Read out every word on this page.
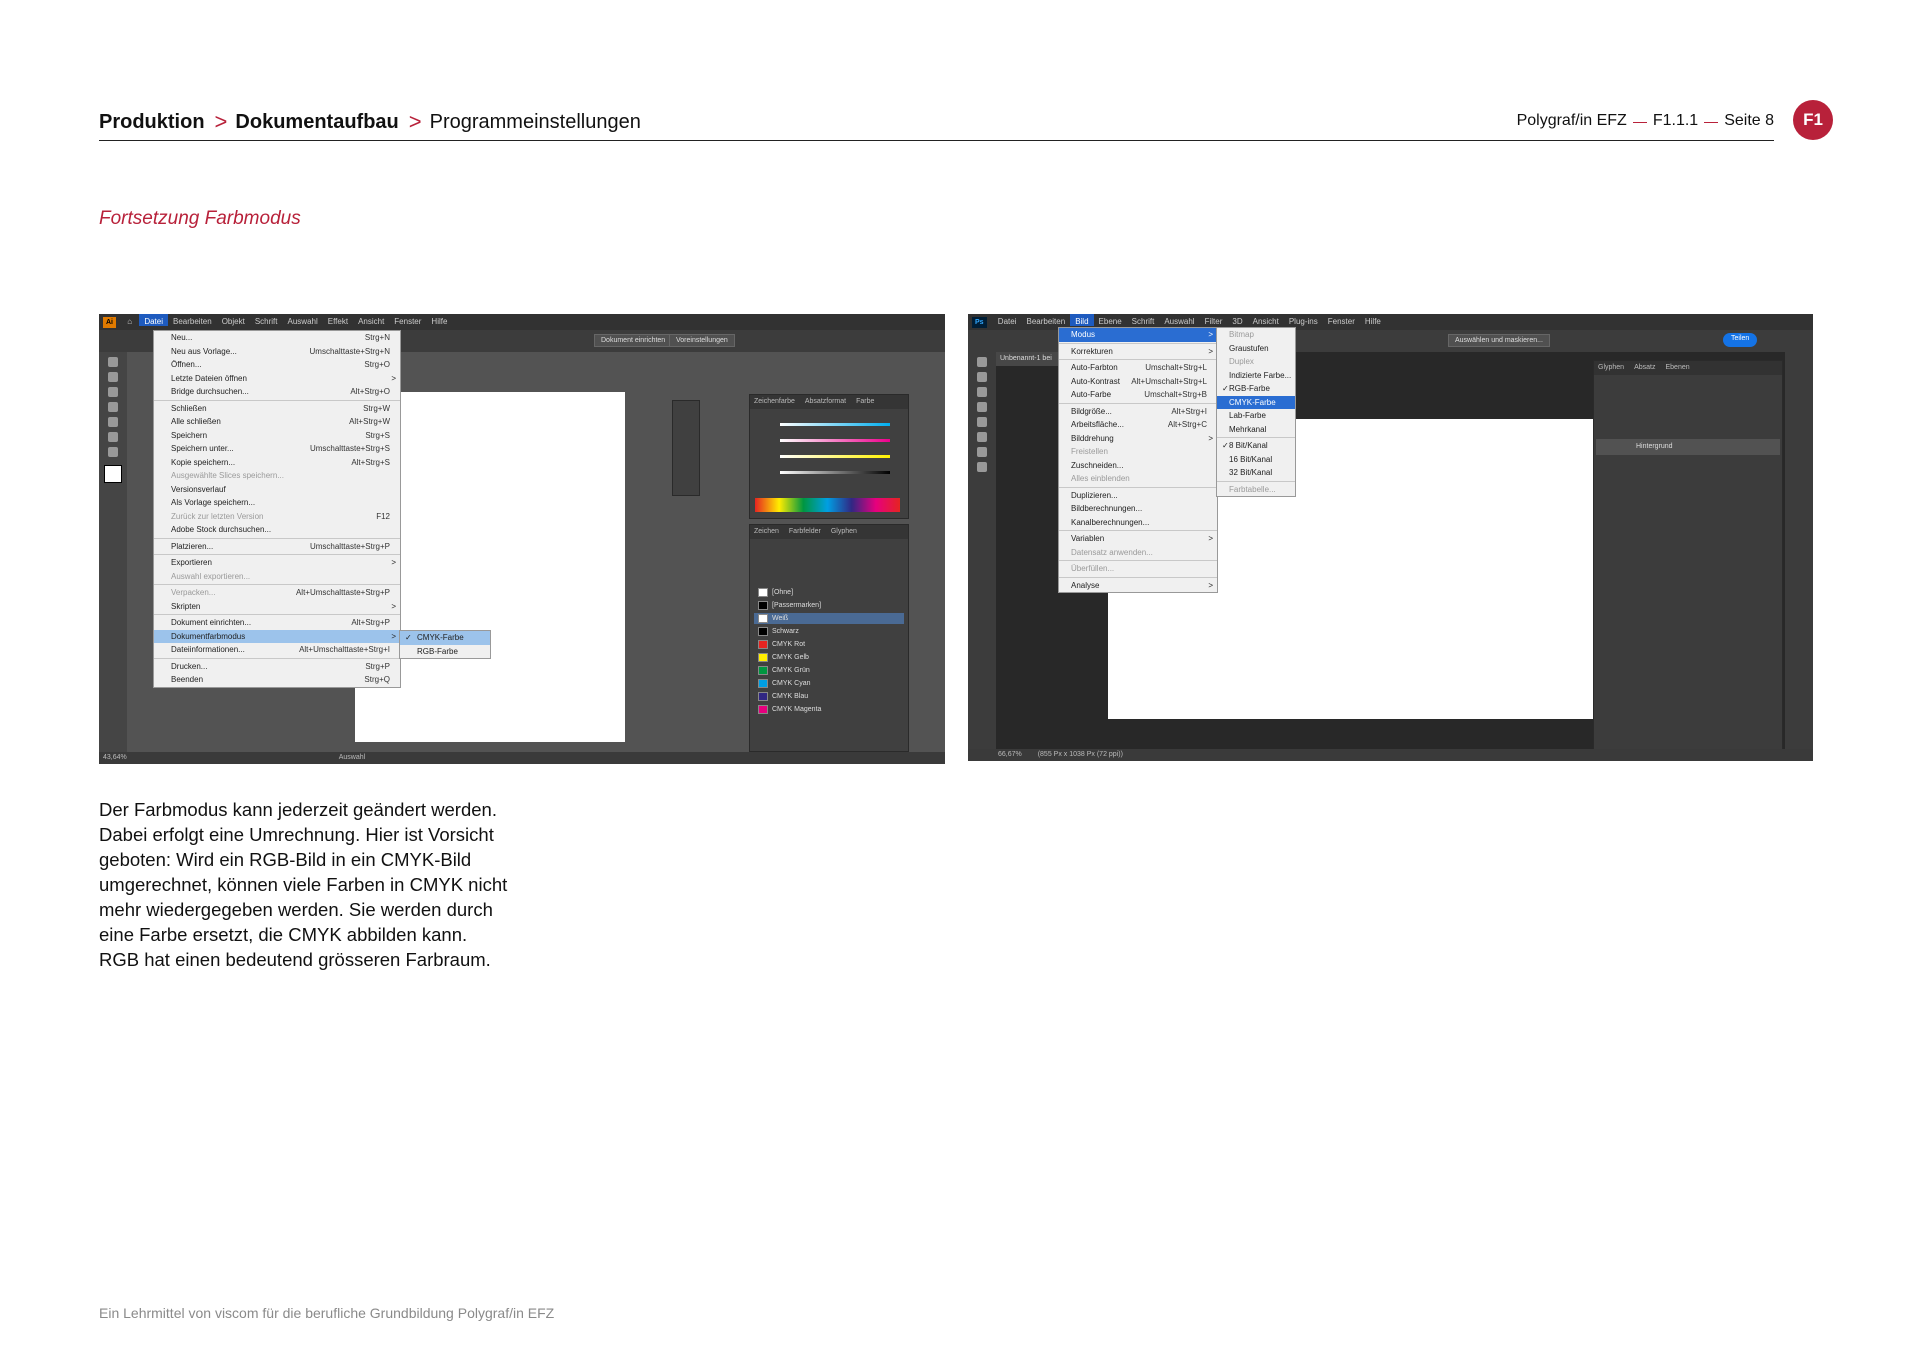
Produktion > Dokumentaufbau > Programmeinstellungen	Polygraf/in EFZ F1.1.1 Seite 8	F1
Fortsetzung Farbmodus
Ai ⌂ Datei Bearbeiten Objekt Schrift Auswahl Effekt Ansicht Fenster Hilfe
Dokument einrichten	Voreinstellungen
Neu...	Strg+N
Neu aus Vorlage...	Umschalttaste+Strg+N
Öffnen...	Strg+O
Letzte Dateien öffnen	>
Bridge durchsuchen...	Alt+Strg+O
Schließen	Strg+W
Alle schließen	Alt+Strg+W
Speichern	Strg+S
Speichern unter...	Umschalttaste+Strg+S
Kopie speichern...	Alt+Strg+S
Ausgewählte Slices speichern...
Versionsverlauf
Als Vorlage speichern...
Zurück zur letzten Version	F12
Adobe Stock durchsuchen...
Platzieren...	Umschalttaste+Strg+P
Exportieren	>
Auswahl exportieren...
Verpacken...	Alt+Umschalttaste+Strg+P
Skripten	>
Dokument einrichten...	Alt+Strg+P
Dokumentfarbmodus	>
Dateiinformationen...	Alt+Umschalttaste+Strg+I
Drucken...	Strg+P
Beenden	Strg+Q
✓ CMYK-Farbe
RGB-Farbe
Zeichenfarbe Absatzformat Farbe
Zeichen Farbfelder Glyphen
[Ohne]
[Passermarken]
Weiß
Schwarz
CMYK Rot
CMYK Gelb
CMYK Grün
CMYK Cyan
CMYK Blau
CMYK Magenta
43,64%	Auswahl
Ps Datei Bearbeiten Bild Ebene Schrift Auswahl Filter 3D Ansicht Plug-ins Fenster Hilfe
Auswählen und maskieren...	Teilen
Unbenannt-1 bei
Modus	>
Korrekturen	>
Auto-Farbton	Umschalt+Strg+L
Auto-Kontrast Alt+Umschalt+Strg+L
Auto-Farbe	Umschalt+Strg+B
Bildgröße...	Alt+Strg+I
Arbeitsfläche...	Alt+Strg+C
Bilddrehung	>
Freistellen
Zuschneiden...
Alles einblenden
Duplizieren...
Bildberechnungen...
Kanalberechnungen...
Variablen	>
Datensatz anwenden...
Überfüllen...
Analyse	>
Bitmap
Graustufen
Duplex
Indizierte Farbe...
✓ RGB-Farbe
CMYK-Farbe
Lab-Farbe
Mehrkanal
✓ 8 Bit/Kanal
16 Bit/Kanal
32 Bit/Kanal
Farbtabelle...
Glyphen Absatz Ebenen
Hintergrund
66,67% (855 Px x 1038 Px (72 ppi))

Der Farbmodus kann jederzeit geändert werden.

Dabei erfolgt eine Umrechnung. Hier ist Vorsicht

geboten: Wird ein RGB-Bild in ein CMYK-Bild

umgerechnet, können viele Farben in CMYK nicht

mehr wiedergegeben werden. Sie werden durch

eine Farbe ersetzt, die CMYK abbilden kann.

RGB hat einen bedeutend grösseren Farbraum.

Ein Lehrmittel von viscom für die berufliche Grundbildung Polygraf/in EFZ
